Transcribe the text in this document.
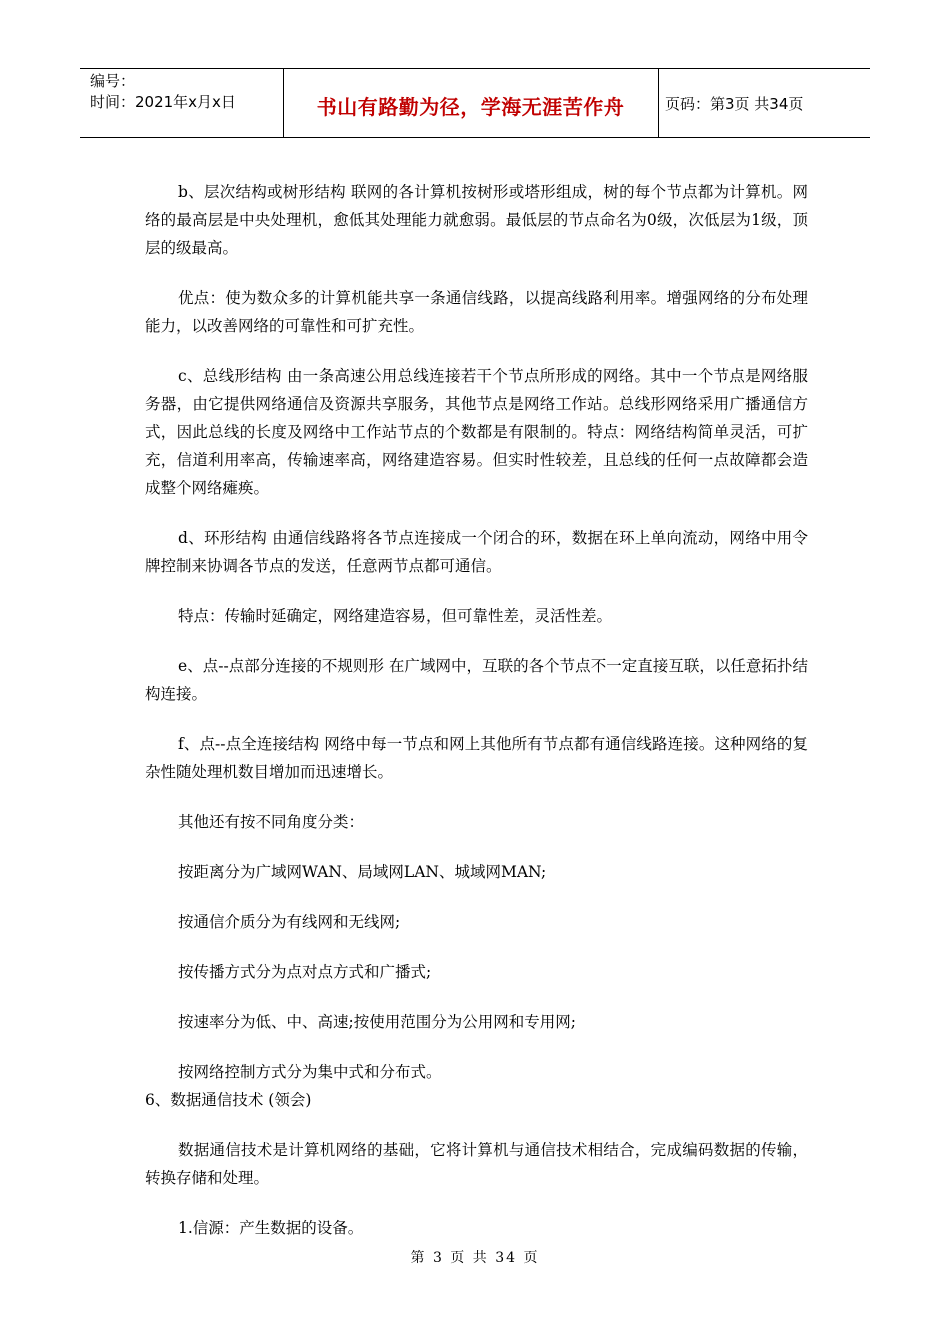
编号：
时间：2021年x月x日	书山有路勤为径，学海无涯苦作舟	页码：第3页 共34页

b、层次结构或树形结构 联网的各计算机按树形或塔形组成，树的每个节点都为计算机。网络的最高层是中央处理机，愈低其处理能力就愈弱。最低层的节点命名为0级，次低层为1级，顶层的级最高。

优点：使为数众多的计算机能共享一条通信线路，以提高线路利用率。增强网络的分布处理能力，以改善网络的可靠性和可扩充性。

c、总线形结构 由一条高速公用总线连接若干个节点所形成的网络。其中一个节点是网络服务器，由它提供网络通信及资源共享服务，其他节点是网络工作站。总线形网络采用广播通信方式，因此总线的长度及网络中工作站节点的个数都是有限制的。特点：网络结构简单灵活，可扩充，信道利用率高，传输速率高，网络建造容易。但实时性较差，且总线的任何一点故障都会造成整个网络瘫痪。

d、环形结构 由通信线路将各节点连接成一个闭合的环，数据在环上单向流动，网络中用令牌控制来协调各节点的发送，任意两节点都可通信。

特点：传输时延确定，网络建造容易，但可靠性差，灵活性差。

e、点--点部分连接的不规则形 在广域网中，互联的各个节点不一定直接互联，以任意拓扑结构连接。

f、点--点全连接结构 网络中每一节点和网上其他所有节点都有通信线路连接。这种网络的复杂性随处理机数目增加而迅速增长。

其他还有按不同角度分类：

按距离分为广域网WAN、局域网LAN、城域网MAN;

按通信介质分为有线网和无线网;

按传播方式分为点对点方式和广播式;

按速率分为低、中、高速;按使用范围分为公用网和专用网;

按网络控制方式分为集中式和分布式。

6、数据通信技术 (领会)

数据通信技术是计算机网络的基础，它将计算机与通信技术相结合，完成编码数据的传输，转换存储和处理。

1.信源：产生数据的设备。

第 3 页 共 34 页
